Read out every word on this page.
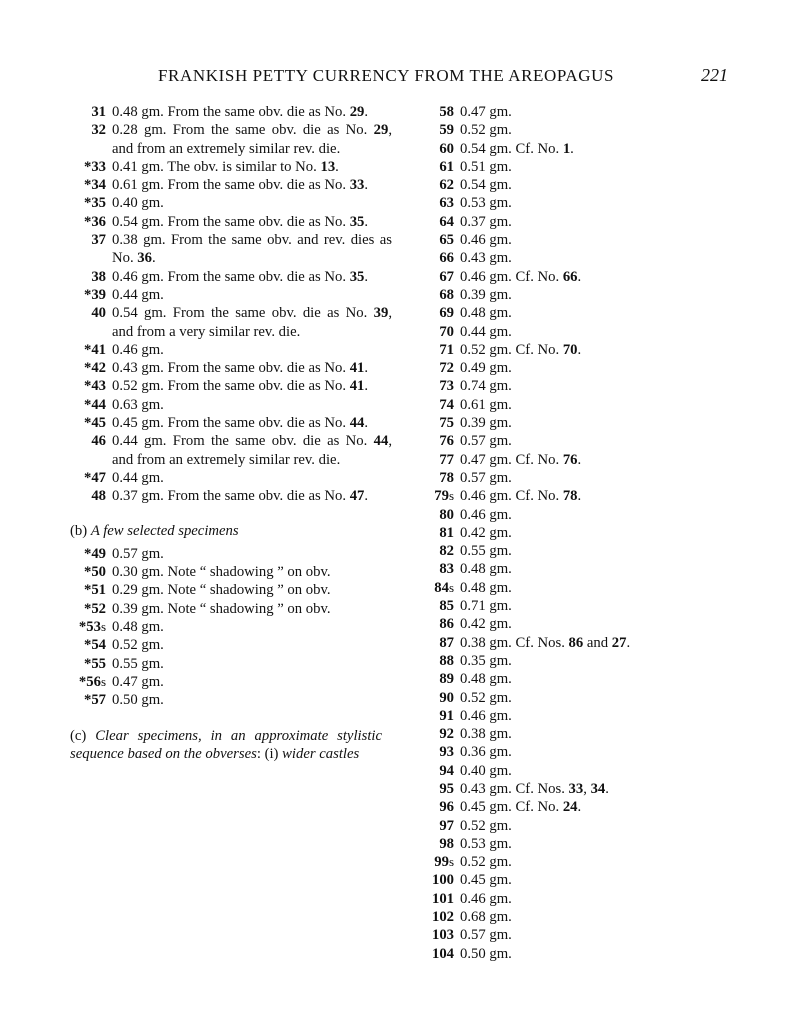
FRANKISH PETTY CURRENCY FROM THE AREOPAGUS	221
31 0.48 gm. From the same obv. die as No. 29.
32 0.28 gm. From the same obv. die as No. 29, and from an extremely similar rev. die.
*33 0.41 gm. The obv. is similar to No. 13.
*34 0.61 gm. From the same obv. die as No. 33.
*35 0.40 gm.
*36 0.54 gm. From the same obv. die as No. 35.
37 0.38 gm. From the same obv. and rev. dies as No. 36.
38 0.46 gm. From the same obv. die as No. 35.
*39 0.44 gm.
40 0.54 gm. From the same obv. die as No. 39, and from a very similar rev. die.
*41 0.46 gm.
*42 0.43 gm. From the same obv. die as No. 41.
*43 0.52 gm. From the same obv. die as No. 41.
*44 0.63 gm.
*45 0.45 gm. From the same obv. die as No. 44.
46 0.44 gm. From the same obv. die as No. 44, and from an extremely similar rev. die.
*47 0.44 gm.
48 0.37 gm. From the same obv. die as No. 47.
(b) A few selected specimens
*49 0.57 gm.
*50 0.30 gm. Note “ shadowing ” on obv.
*51 0.29 gm. Note “ shadowing ” on obv.
*52 0.39 gm. Note “ shadowing ” on obv.
*53s 0.48 gm.
*54 0.52 gm.
*55 0.55 gm.
*56s 0.47 gm.
*57 0.50 gm.
(c) Clear specimens, in an approximate stylistic sequence based on the obverses: (i) wider castles
58 0.47 gm.
59 0.52 gm.
60 0.54 gm. Cf. No. 1.
61 0.51 gm.
62 0.54 gm.
63 0.53 gm.
64 0.37 gm.
65 0.46 gm.
66 0.43 gm.
67 0.46 gm. Cf. No. 66.
68 0.39 gm.
69 0.48 gm.
70 0.44 gm.
71 0.52 gm. Cf. No. 70.
72 0.49 gm.
73 0.74 gm.
74 0.61 gm.
75 0.39 gm.
76 0.57 gm.
77 0.47 gm. Cf. No. 76.
78 0.57 gm.
79s 0.46 gm. Cf. No. 78.
80 0.46 gm.
81 0.42 gm.
82 0.55 gm.
83 0.48 gm.
84s 0.48 gm.
85 0.71 gm.
86 0.42 gm.
87 0.38 gm. Cf. Nos. 86 and 27.
88 0.35 gm.
89 0.48 gm.
90 0.52 gm.
91 0.46 gm.
92 0.38 gm.
93 0.36 gm.
94 0.40 gm.
95 0.43 gm. Cf. Nos. 33, 34.
96 0.45 gm. Cf. No. 24.
97 0.52 gm.
98 0.53 gm.
99s 0.52 gm.
100 0.45 gm.
101 0.46 gm.
102 0.68 gm.
103 0.57 gm.
104 0.50 gm.
